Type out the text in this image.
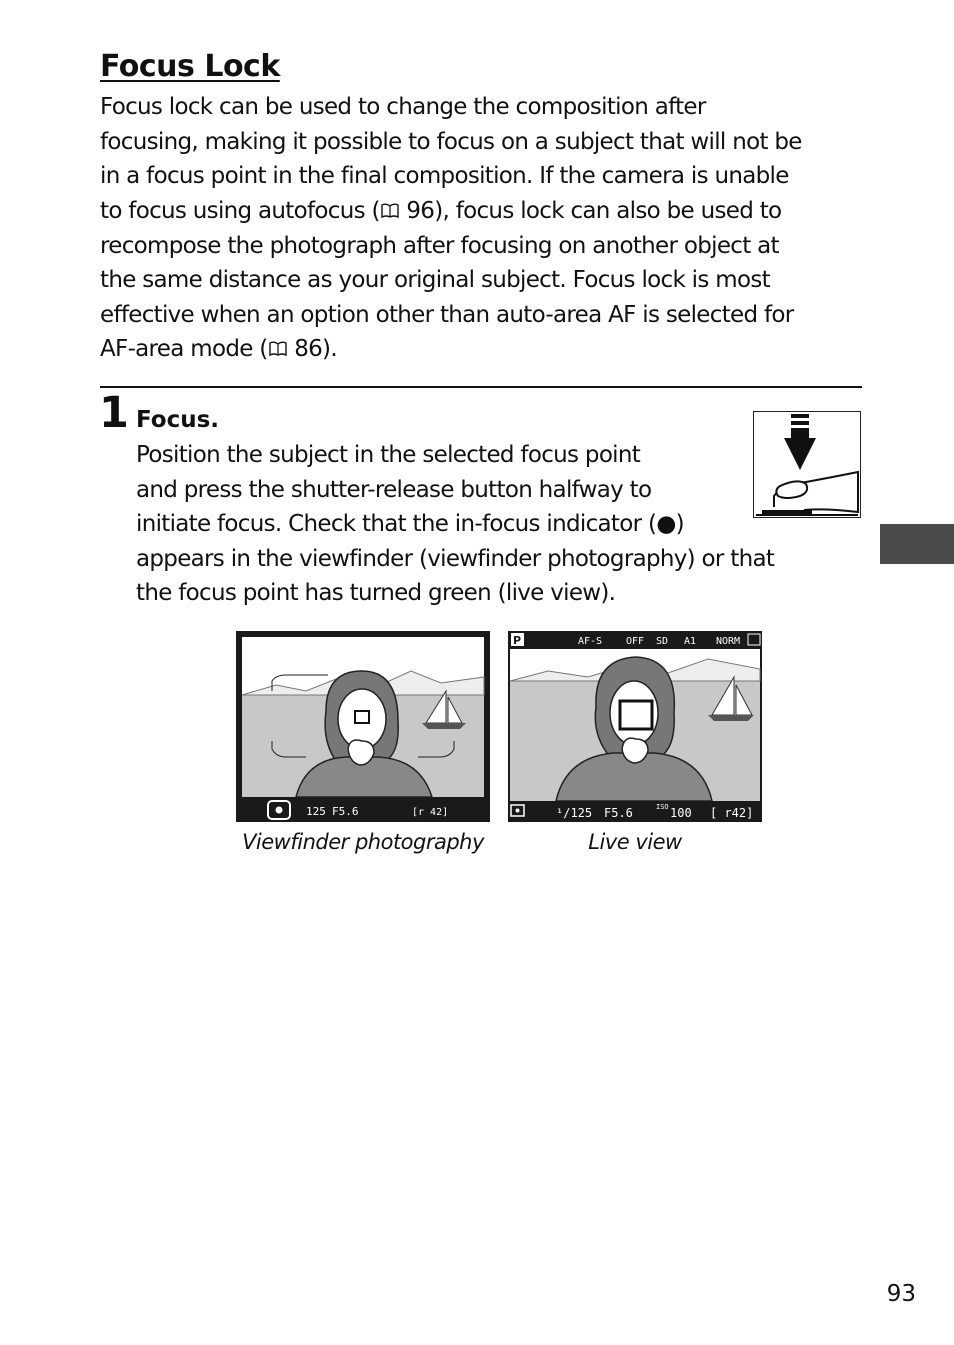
Focus Lock
Focus lock can be used to change the composition after
focusing, making it possible to focus on a subject that will not be
in a focus point in the final composition. If the camera is unable
to focus using autofocus ( 96), focus lock can also be used to
recompose the photograph after focusing on another object at
the same distance as your original subject. Focus lock is most
effective when an option other than auto-area AF is selected for
AF-area mode ( 86).
1 Focus.
Position the subject in the selected focus point
and press the shutter-release button halfway to
initiate focus. Check that the in-focus indicator (●)
appears in the viewfinder (viewfinder photography) or that
the focus point has turned green (live view).
125 F5.6	[r 42]
Viewfinder photography
P	AF-S OFF SD A1 NORM
¹/125 F5.6	ISO 100 [ r42]
Live view
93
